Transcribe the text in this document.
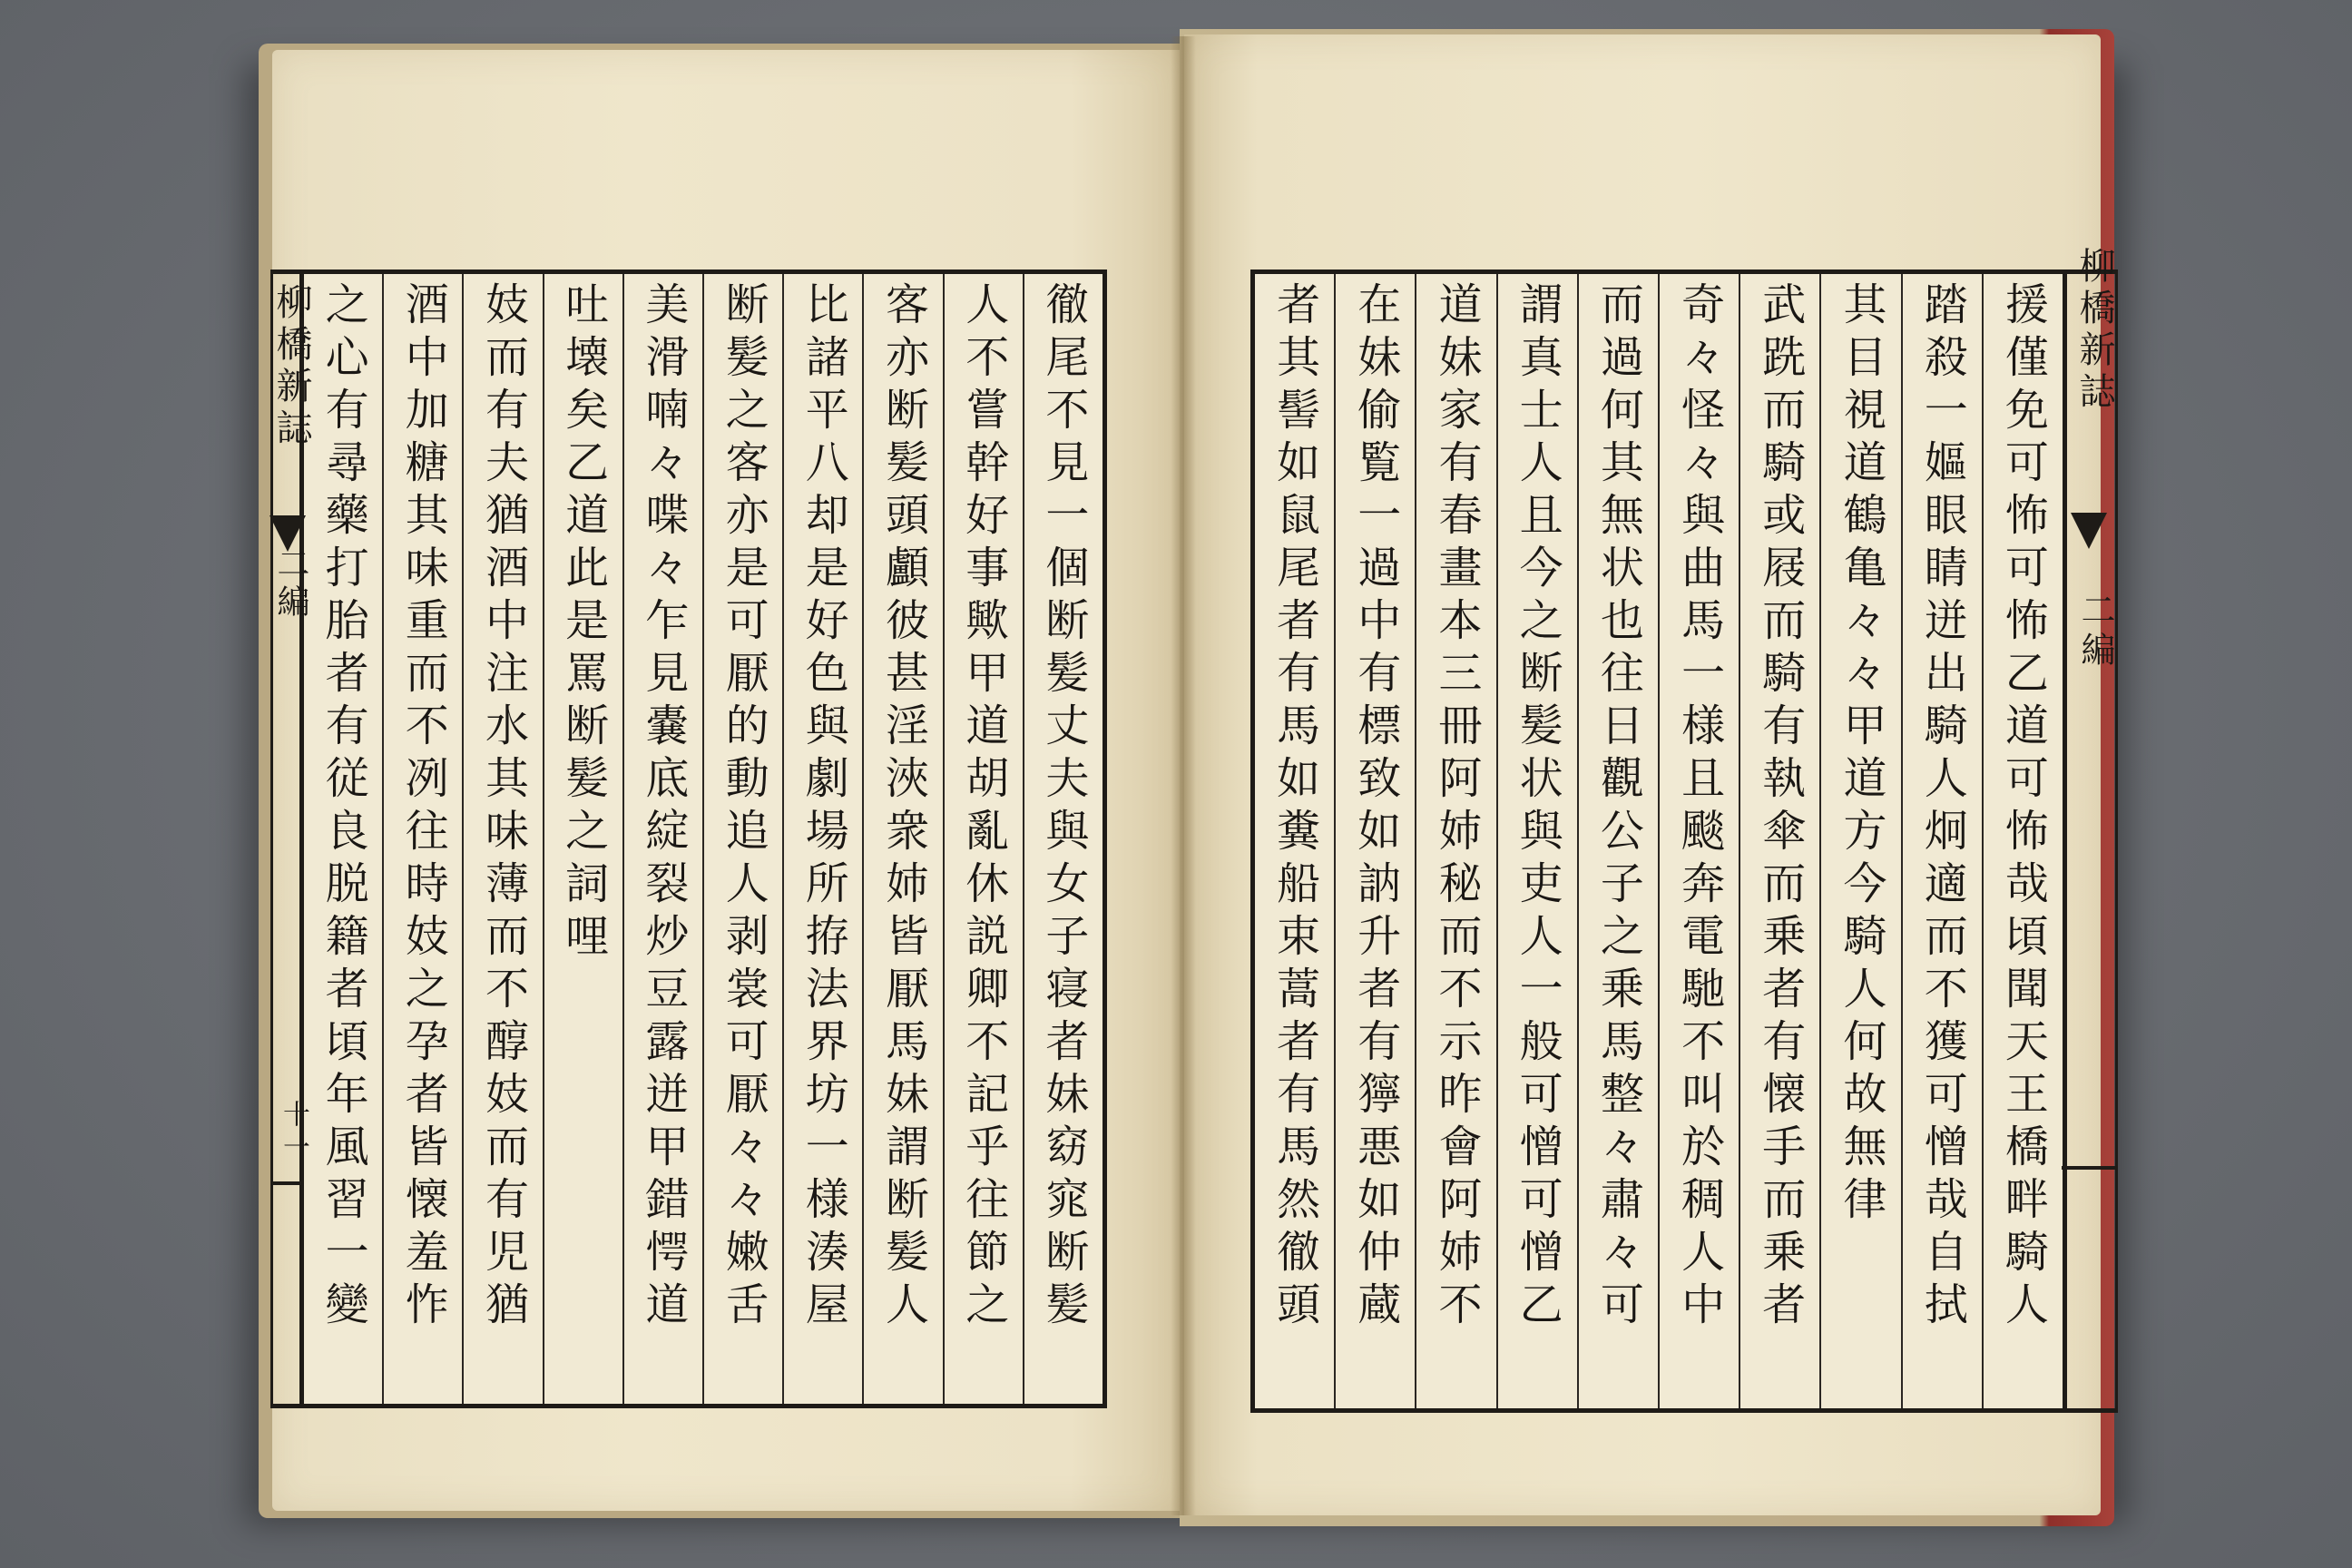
徹尾不見一個断髪丈夫與女子寝者妹窈窕断髪
人不嘗幹好事歟甲道胡亂休説卿不記乎往節之
客亦断髪頭顱彼甚淫浹衆姉皆厭馬妹謂断髪人
比諸平八却是好色與劇場所拵法界坊一様湊屋
断髪之客亦是可厭的動追人剥裳可厭々々嫩舌
美滑喃々喋々乍見嚢底綻裂炒豆露迸甲錯愕道
吐壊矣乙道此是罵断髪之詞哩
妓而有夫猶酒中注水其味薄而不醇妓而有児猶
酒中加糖其味重而不冽往時妓之孕者皆懐羞怍
之心有尋藥打胎者有従良脱籍者頃年風習一變
柳橋新誌
二編
十一	援僅免可怖可怖乙道可怖哉頃聞天王橋畔騎人
踏殺一嫗眼睛迸出騎人炯適而不獲可憎哉自拭
其目視道鶴亀々々甲道方今騎人何故無律
武跣而騎或屐而騎有執傘而乗者有懐手而乗者
奇々怪々與曲馬一様且颷奔電馳不叫於稠人中
而過何其無状也往日觀公子之乗馬整々肅々可
謂真士人且今之断髪状與吏人一般可憎可憎乙
道妹家有春畫本三冊阿姉秘而不示昨會阿姉不
在妹偷覧一過中有標致如訥升者有獰悪如仲蔵
者其髻如鼠尾者有馬如糞船束蒿者有馬然徹頭	柳橋新誌
二編
